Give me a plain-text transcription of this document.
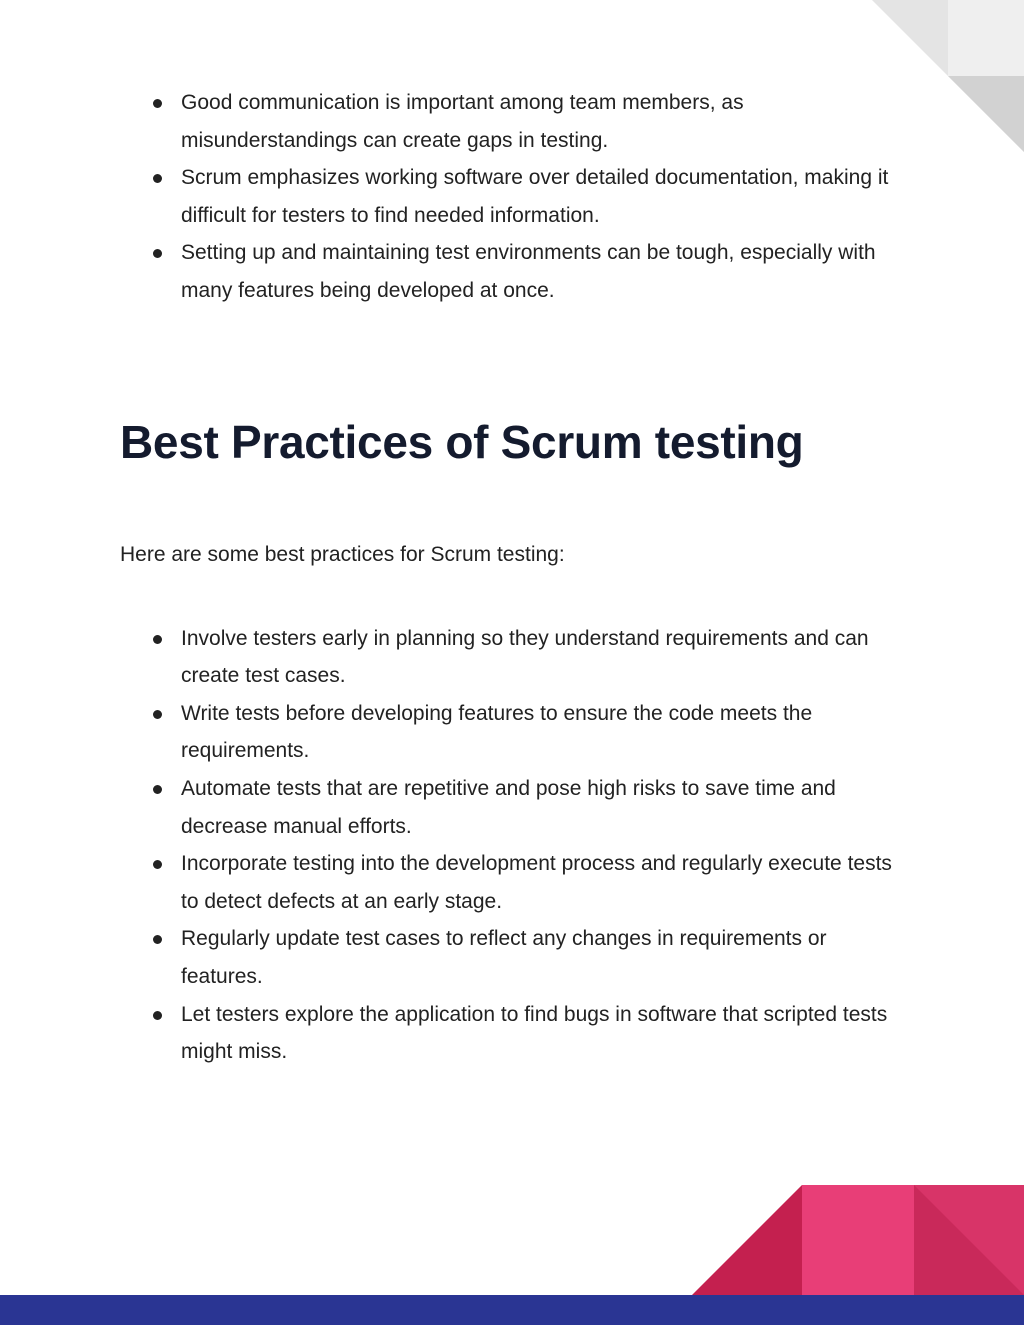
Good communication is important among team members, as misunderstandings can create gaps in testing.
Scrum emphasizes working software over detailed documentation, making it difficult for testers to find needed information.
Setting up and maintaining test environments can be tough, especially with many features being developed at once.
Best Practices of Scrum testing

Here are some best practices for Scrum testing:

Involve testers early in planning so they understand requirements and can create test cases.
Write tests before developing features to ensure the code meets the requirements.
Automate tests that are repetitive and pose high risks to save time and decrease manual efforts.
Incorporate testing into the development process and regularly execute tests to detect defects at an early stage.
Regularly update test cases to reflect any changes in requirements or features.
Let testers explore the application to find bugs in software that scripted tests might miss.
